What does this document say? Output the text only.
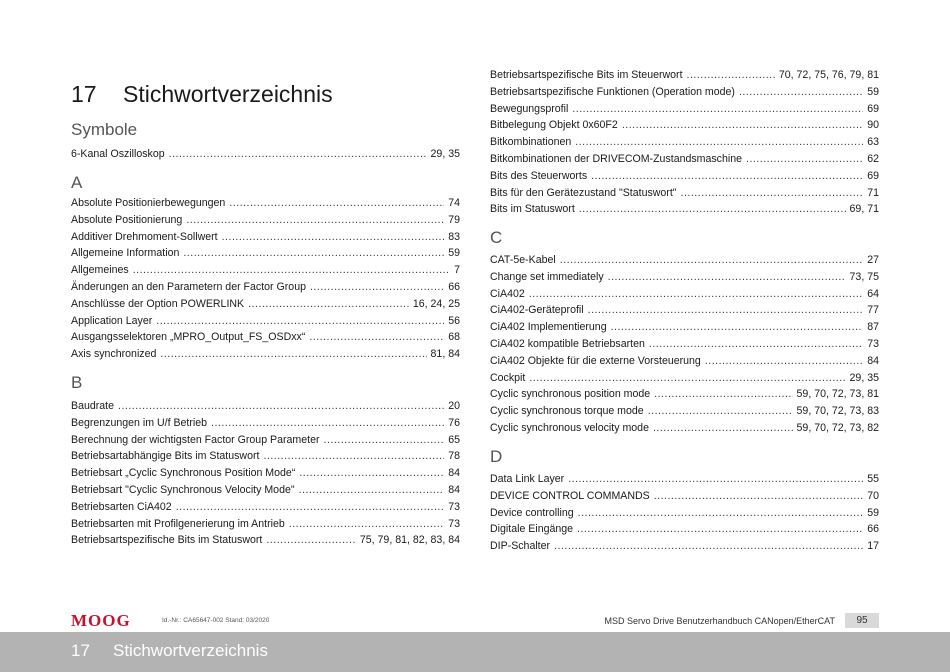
17 Stichwortverzeichnis
Symbole
6-Kanal Oszilloskop .....	29, 35
A
Absolute Positionierbewegungen .....	74
Absolute Positionierung .....	79
Additiver Drehmoment-Sollwert .....	83
Allgemeine Information .....	59
Allgemeines .....	7
Änderungen an den Parametern der Factor Group .....	66
Anschlüsse der Option POWERLINK .....	16, 24, 25
Application Layer .....	56
Ausgangsselektoren „MPRO_Output_FS_OSDxx“ .....	68
Axis synchronized .....	81, 84
B
Baudrate .....	20
Begrenzungen im U/f Betrieb .....	76
Berechnung der wichtigsten Factor Group Parameter .....	65
Betriebsartabhängige Bits im Statuswort .....	78
Betriebsart „Cyclic Synchronous Position Mode“ .....	84
Betriebsart "Cyclic Synchronous Velocity Mode" .....	84
Betriebsarten CiA402 .....	73
Betriebsarten mit Profilgenerierung im Antrieb .....	73
Betriebsartspezifische Bits im Statuswort .....	75, 79, 81, 82, 83, 84
Betriebsartspezifische Bits im Steuerwort .....	70, 72, 75, 76, 79, 81
Betriebsartspezifische Funktionen (Operation mode) .....	59
Bewegungsprofil .....	69
Bitbelegung Objekt 0x60F2 .....	90
Bitkombinationen .....	63
Bitkombinationen der DRIVECOM-Zustandsmaschine .....	62
Bits des Steuerworts .....	69
Bits für den Gerätezustand "Statuswort" .....	71
Bits im Statuswort .....	69, 71
C
CAT-5e-Kabel .....	27
Change set immediately .....	73, 75
CiA402 .....	64
CiA402-Geräteprofil .....	77
CiA402 Implementierung .....	87
CiA402 kompatible Betriebsarten .....	73
CiA402 Objekte für die externe Vorsteuerung .....	84
Cockpit .....	29, 35
Cyclic synchronous position mode .....	59, 70, 72, 73, 81
Cyclic synchronous torque mode .....	59, 70, 72, 73, 83
Cyclic synchronous velocity mode .....	59, 70, 72, 73, 82
D
Data Link Layer .....	55
DEVICE CONTROL COMMANDS .....	70
Device controlling .....	59
Digitale Eingänge .....	66
DIP-Schalter .....	17
MOOG	Id.-Nr.: CA65647-002 Stand: 03/2020	MSD Servo Drive Benutzerhandbuch CANopen/EtherCAT	95
17 Stichwortverzeichnis
